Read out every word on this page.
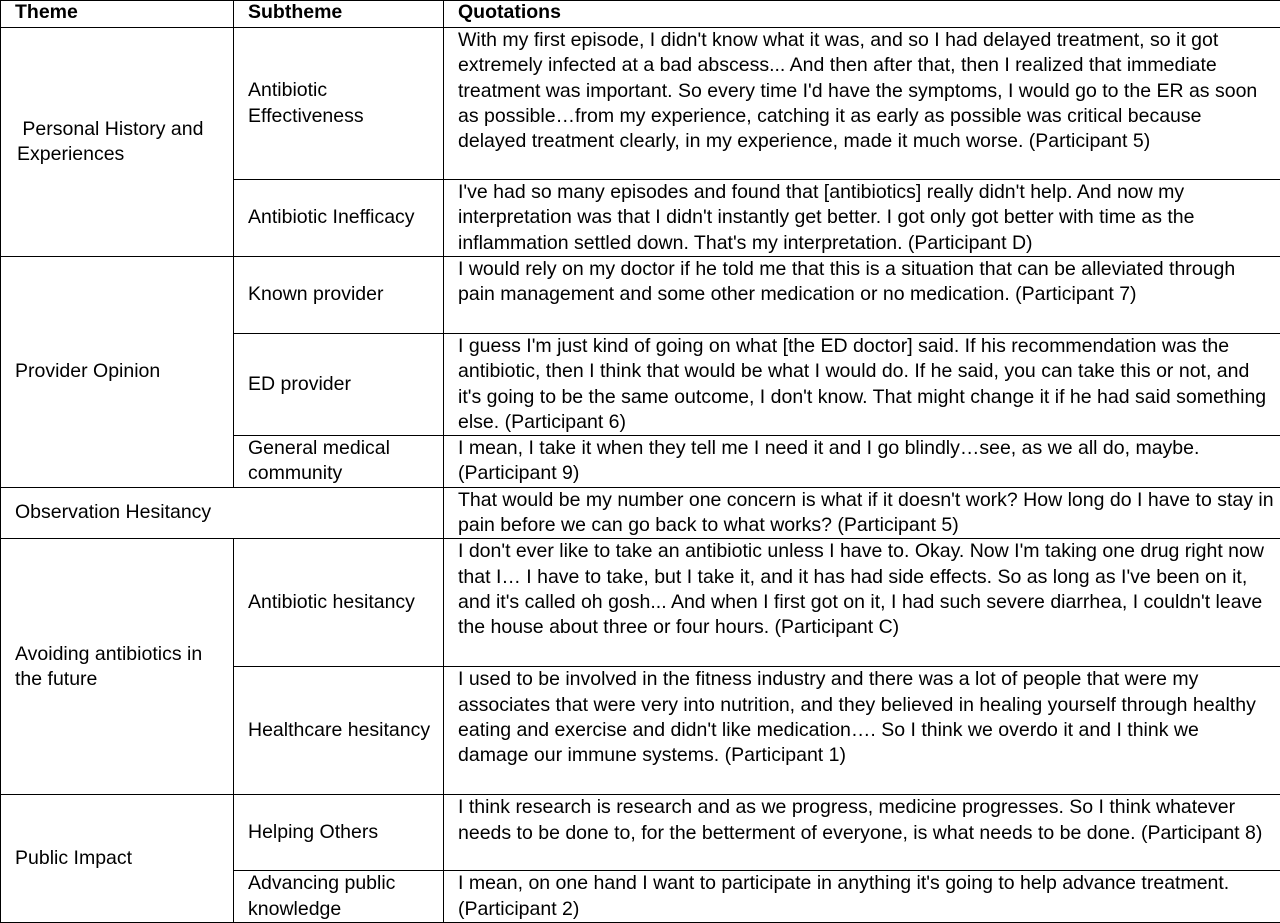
Theme	Subtheme	Quotations
Personal History and Experiences	Antibiotic Effectiveness	With my first episode, I didn't know what it was, and so I had delayed treatment, so it got extremely infected at a bad abscess... And then after that, then I realized that immediate treatment was important. So every time I'd have the symptoms, I would go to the ER as soon as possible…from my experience, catching it as early as possible was critical because delayed treatment clearly, in my experience, made it much worse. (Participant 5)
	Antibiotic Inefficacy	I've had so many episodes and found that [antibiotics] really didn't help. And now my interpretation was that I didn't instantly get better. I got only got better with time as the inflammation settled down. That's my interpretation. (Participant D)
Provider Opinion	Known provider	I would rely on my doctor if he told me that this is a situation that can be alleviated through pain management and some other medication or no medication. (Participant 7)
	ED provider	I guess I'm just kind of going on what [the ED doctor] said. If his recommendation was the antibiotic, then I think that would be what I would do. If he said, you can take this or not, and it's going to be the same outcome, I don't know. That might change it if he had said something else. (Participant 6)
	General medical community	I mean, I take it when they tell me I need it and I go blindly…see, as we all do, maybe. (Participant 9)
Observation Hesitancy		That would be my number one concern is what if it doesn't work? How long do I have to stay in pain before we can go back to what works? (Participant 5)
Avoiding antibiotics in the future	Antibiotic hesitancy	I don't ever like to take an antibiotic unless I have to. Okay. Now I'm taking one drug right now that I… I have to take, but I take it, and it has had side effects. So as long as I've been on it, and it's called oh gosh... And when I first got on it, I had such severe diarrhea, I couldn't leave the house about three or four hours. (Participant C)
	Healthcare hesitancy	I used to be involved in the fitness industry and there was a lot of people that were my associates that were very into nutrition, and they believed in healing yourself through healthy eating and exercise and didn't like medication…. So I think we overdo it and I think we damage our immune systems. (Participant 1)
Public Impact	Helping Others	I think research is research and as we progress, medicine progresses. So I think whatever needs to be done to, for the betterment of everyone, is what needs to be done. (Participant 8)
	Advancing public knowledge	I mean, on one hand I want to participate in anything it's going to help advance treatment. (Participant 2)
